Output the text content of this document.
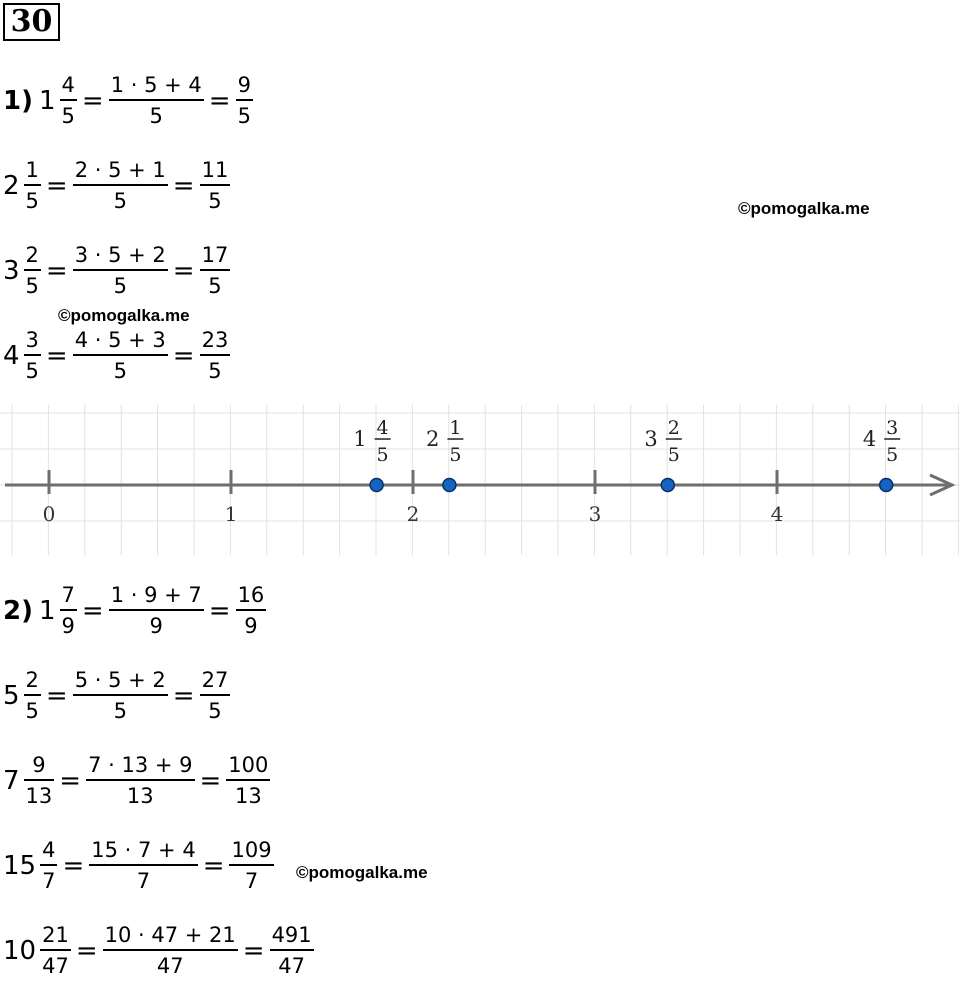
30
1) $1 \frac{4}{5} = \frac{1 \cdot 5 + 4}{5} = \frac{9}{5}$
$2 \frac{1}{5} = \frac{2 \cdot 5 + 1}{5} = \frac{11}{5}$
$3 \frac{2}{5} = \frac{3 \cdot 5 + 2}{5} = \frac{17}{5}$
$4 \frac{3}{5} = \frac{4 \cdot 5 + 3}{5} = \frac{23}{5}$
2) $1 \frac{7}{9} = \frac{1 \cdot 9 + 7}{9} = \frac{16}{9}$
$5 \frac{2}{5} = \frac{5 \cdot 5 + 2}{5} = \frac{27}{5}$
$7 \frac{9}{13} = \frac{7 \cdot 13 + 9}{13} = \frac{100}{13}$
$15 \frac{4}{7} = \frac{15 \cdot 7 + 4}{7} = \frac{109}{7}$
$10 \frac{21}{47} = \frac{10 \cdot 47 + 21}{47} = \frac{491}{47}$
©pomogalka.me
©pomogalka.me
©pomogalka.me
0	1	2	3	4
1 4
5
2 1
5
3 2
5
4 3
5
